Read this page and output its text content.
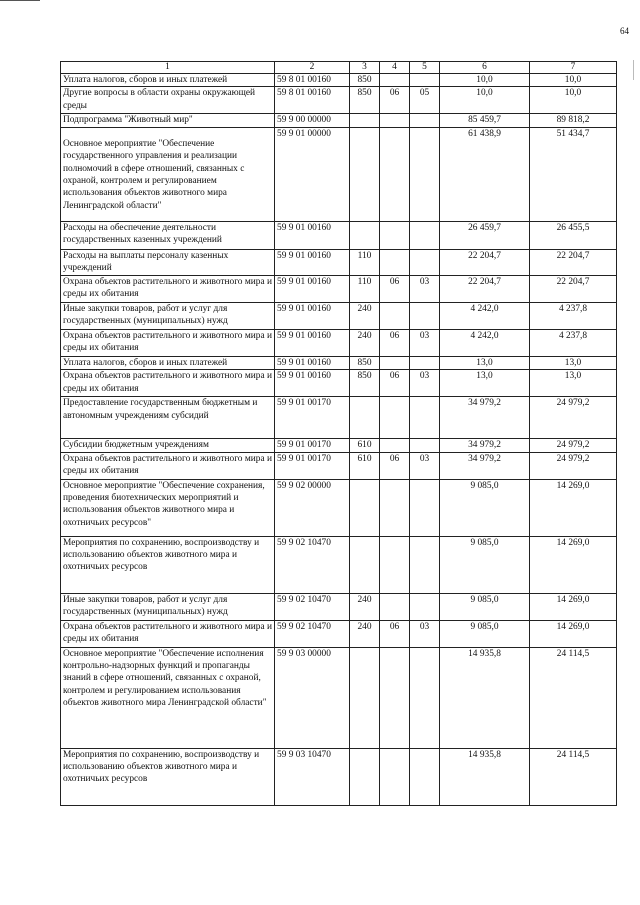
64
1	2	3	4	5	6	7
Уплата налогов, сборов и иных платежей	59 8 01 00160	850			10,0	10,0
Другие вопросы в области охраны окружающей среды	59 8 01 00160	850	06	05	10,0	10,0
Подпрограмма "Животный мир"	59 9 00 00000				85 459,7	89 818,2
Основное мероприятие "Обеспечение государственного управления и реализации полномочий в сфере отношений, связанных с охраной, контролем и регулированием использования объектов животного мира Ленинградской области"	59 9 01 00000				61 438,9	51 434,7
Расходы на обеспечение деятельности государственных казенных учреждений	59 9 01 00160				26 459,7	26 455,5
Расходы на выплаты персоналу казенных учреждений	59 9 01 00160	110			22 204,7	22 204,7
Охрана объектов растительного и животного мира и среды их обитания	59 9 01 00160	110	06	03	22 204,7	22 204,7
Иные закупки товаров, работ и услуг для государственных (муниципальных) нужд	59 9 01 00160	240			4 242,0	4 237,8
Охрана объектов растительного и животного мира и среды их обитания	59 9 01 00160	240	06	03	4 242,0	4 237,8
Уплата налогов, сборов и иных платежей	59 9 01 00160	850			13,0	13,0
Охрана объектов растительного и животного мира и среды их обитания	59 9 01 00160	850	06	03	13,0	13,0
Предоставление государственным бюджетным и автономным учреждениям субсидий	59 9 01 00170				34 979,2	24 979,2
Субсидии бюджетным учреждениям	59 9 01 00170	610			34 979,2	24 979,2
Охрана объектов растительного и животного мира и среды их обитания	59 9 01 00170	610	06	03	34 979,2	24 979,2
Основное мероприятие "Обеспечение сохранения, проведения биотехнических мероприятий и использования объектов животного мира и охотничьих ресурсов"	59 9 02 00000				9 085,0	14 269,0
Мероприятия по сохранению, воспроизводству и использованию объектов животного мира и охотничьих ресурсов	59 9 02 10470				9 085,0	14 269,0
Иные закупки товаров, работ и услуг для государственных (муниципальных) нужд	59 9 02 10470	240			9 085,0	14 269,0
Охрана объектов растительного и животного мира и среды их обитания	59 9 02 10470	240	06	03	9 085,0	14 269,0
Основное мероприятие "Обеспечение исполнения контрольно-надзорных функций и пропаганды знаний в сфере отношений, связанных с охраной, контролем и регулированием использования объектов животного мира Ленинградской области"	59 9 03 00000				14 935,8	24 114,5
Мероприятия по сохранению, воспроизводству и использованию объектов животного мира и охотничьих ресурсов	59 9 03 10470				14 935,8	24 114,5
